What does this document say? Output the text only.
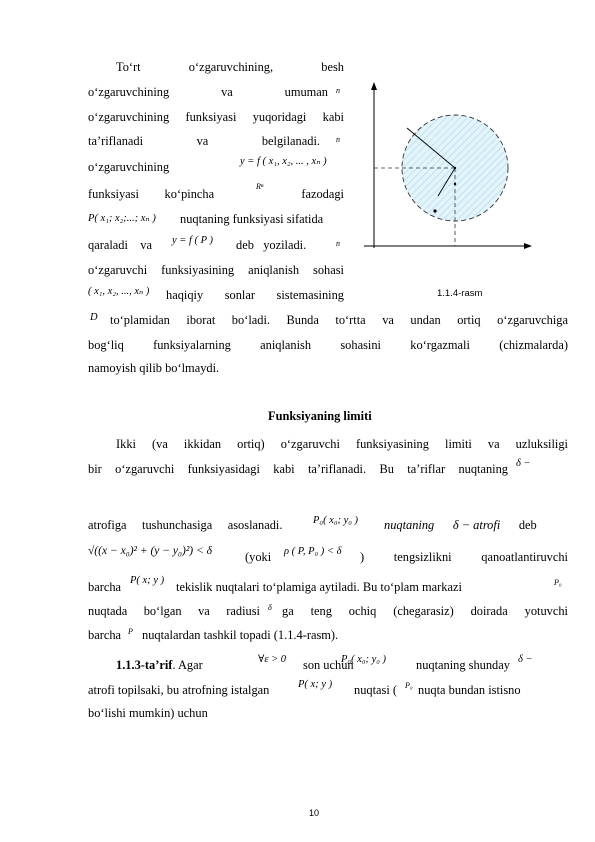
To‘rt	o‘zgaruvchining,	besh
o‘zgaruvchining	va	umuman n
o‘zgaruvchining funksiyasi yuqoridagi kabi
ta’riflanadi	va	belgilanadi. n
o‘zgaruvchining	y = f ( x₁, x₂, ... , xₙ )
funksiyasi ko‘pincha	fazodagi
Rⁿ
P( x₁; x₂;...; xₙ ) nuqtaning funksiyasi sifatida
qaraladi va y = f ( P ) deb yoziladi.	n
o‘zgaruvchi funksiyasining aniqlanish sohasi
( x₁, x₂, ..., xₙ ) haqiqiy sonlar sistemasining
D to‘plamidan iborat bo‘ladi. Bunda to‘rtta va undan ortiq o‘zgaruvchiga
bog‘liq funksiyalarning aniqlanish sohasini ko‘rgazmali (chizmalarda)
namoyish qilib bo‘lmaydi.
1.1.4-rasm
Funksiyaning limiti
Ikki (va ikkidan ortiq) o‘zgaruvchi funksiyasining limiti va uzluksiligi
bir o‘zgaruvchi funksiyasidagi kabi ta’riflanadi. Bu ta’riflar nuqtaning δ −
atrofiga tushunchasiga asoslanadi.	P₀( x₀; y₀ ) nuqtaning δ − atrofi deb
√((x − x₀)² + (y − y₀)²) < δ	(yoki ρ ( P, P₀ ) < δ ) tengsizlikni qanoatlantiruvchi
barcha P( x; y ) tekislik nuqtalari to‘plamiga aytiladi. Bu to‘plam markazi	P₀
nuqtada bo‘lgan va radiusi δ ga teng ochiq (chegarasiz) doirada yotuvchi
barcha P nuqtalardan tashkil topadi (1.1.4-rasm).
1.1.3-ta’rif. Agar	∀ε > 0 son uchun
P₀( x₀; y₀ ) nuqtaning shunday δ −
atrofi topilsaki, bu atrofning istalgan	P( x; y ) nuqtasi ( P₀ nuqta bundan istisno
bo‘lishi mumkin) uchun
10
